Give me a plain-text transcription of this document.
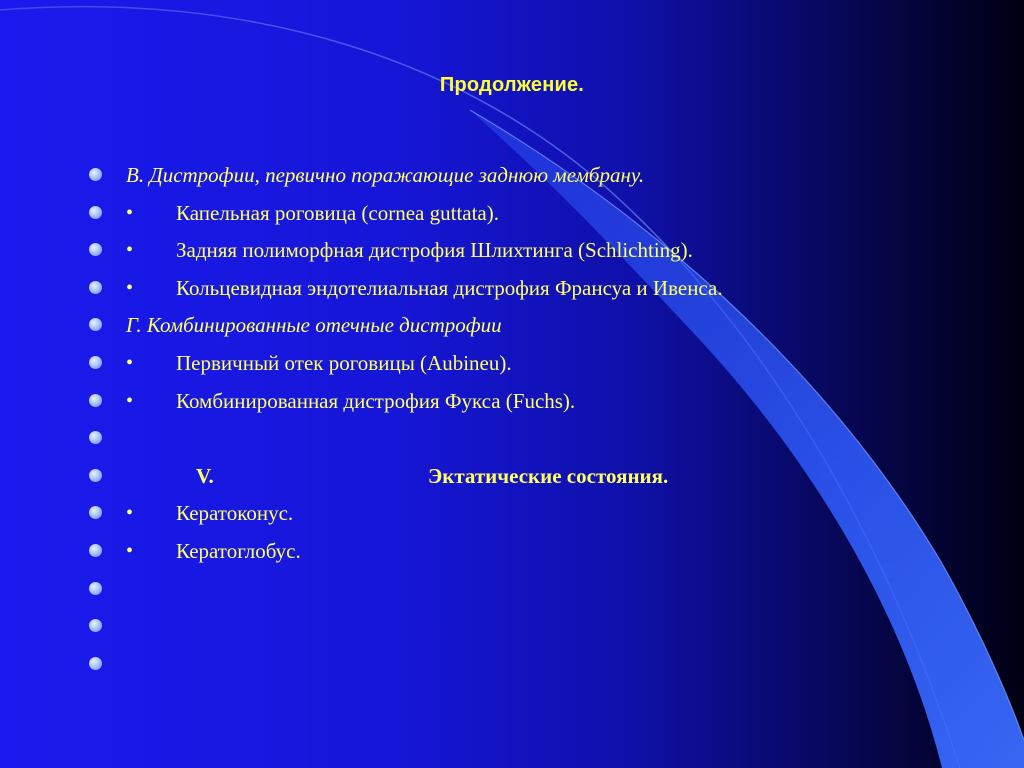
Продолжение.
В. Дистрофии, первично поражающие заднюю мембрану.
• Капельная роговица (cornea guttata).
• Задняя полиморфная дистрофия Шлихтинга (Schlichting).
• Кольцевидная эндотелиальная дистрофия Франсуа и Ивенса.
Г. Комбинированные отечные дистрофии
• Первичный отек роговицы (Aubineu).
• Комбинированная дистрофия Фукса (Fuchs).
V.	Эктатические состояния.
• Кератоконус.
• Кератоглобус.
